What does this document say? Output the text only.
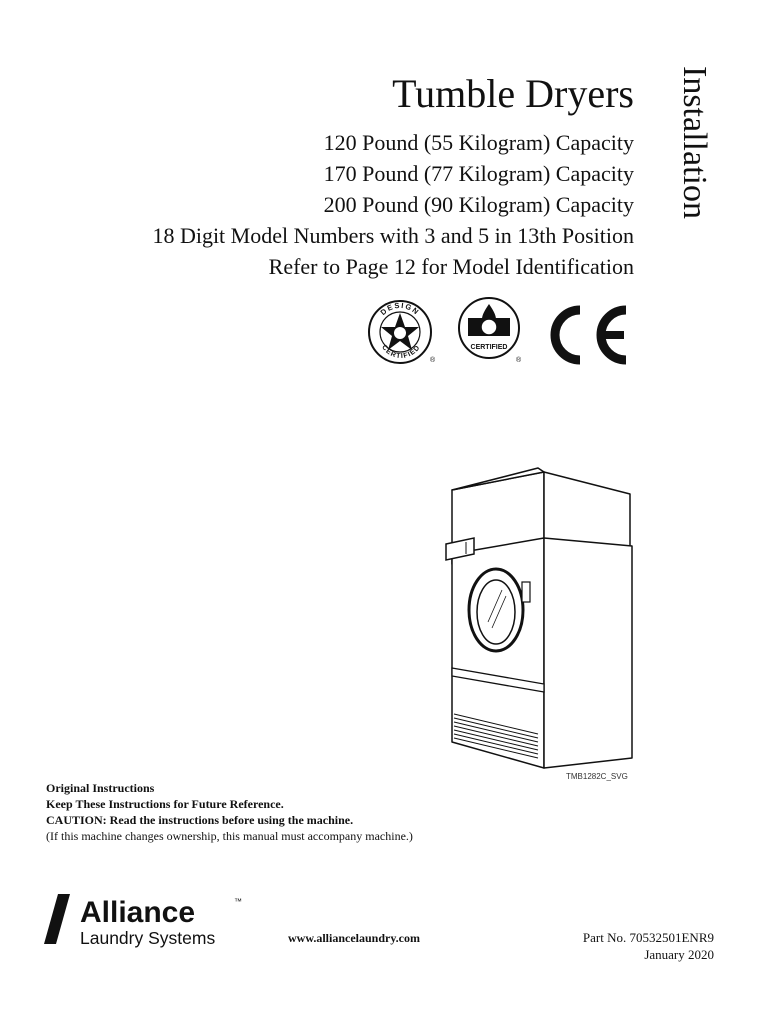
Tumble Dryers
120 Pound (55 Kilogram) Capacity
170 Pound (77 Kilogram) Capacity
200 Pound (90 Kilogram) Capacity
18 Digit Model Numbers with 3 and 5 in 13th Position
Refer to Page 12 for Model Identification
Installation
DESIGN
CERTIFIED
®
CERTIFIED
®
TMB1282C_SVG
Original Instructions
Keep These Instructions for Future Reference.
CAUTION: Read the instructions before using the machine.
(If this machine changes ownership, this manual must accompany machine.)
Alliance	™
Laundry Systems	www.alliancelaundry.com	Part No. 70532501ENR9
January 2020
